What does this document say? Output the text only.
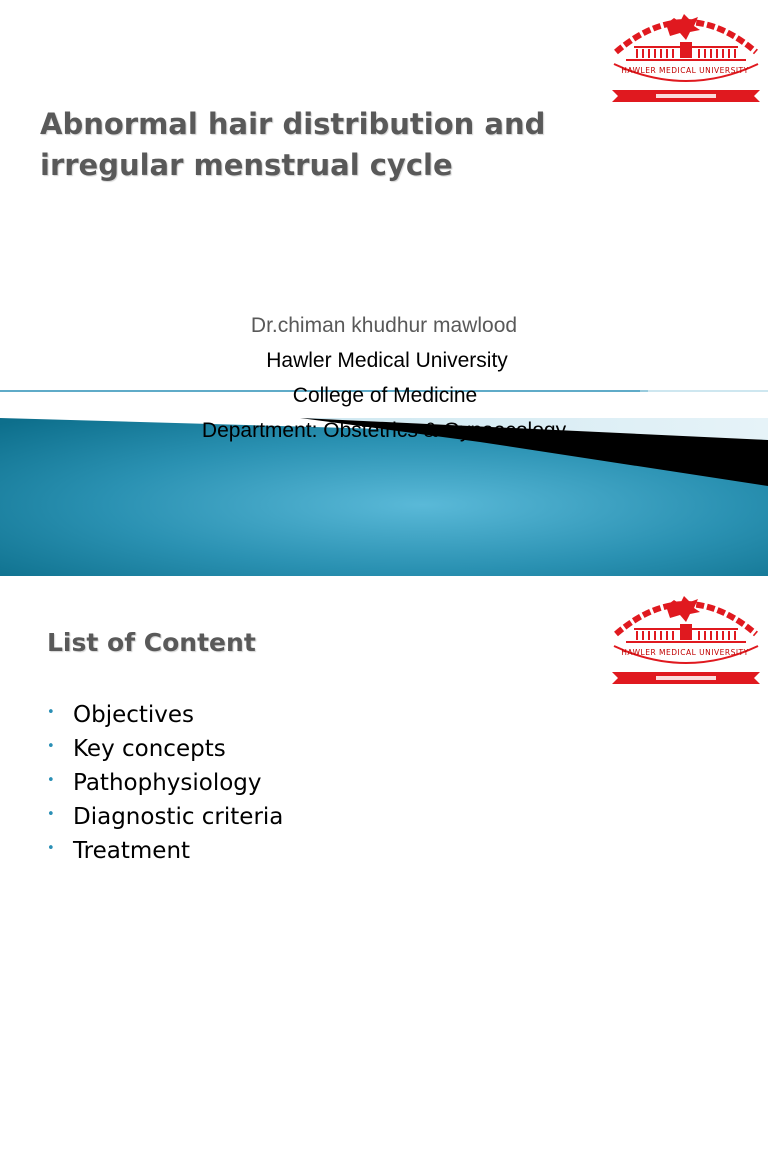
HAWLER MEDICAL UNIVERSITY
Abnormal hair distribution and irregular menstrual cycle
Dr.chiman khudhur mawlood
Hawler Medical University
College of Medicine
Department: Obstetrics & Gynaecology
HAWLER MEDICAL UNIVERSITY
List of Content
• Objectives
• Key concepts
• Pathophysiology
• Diagnostic criteria
• Treatment
